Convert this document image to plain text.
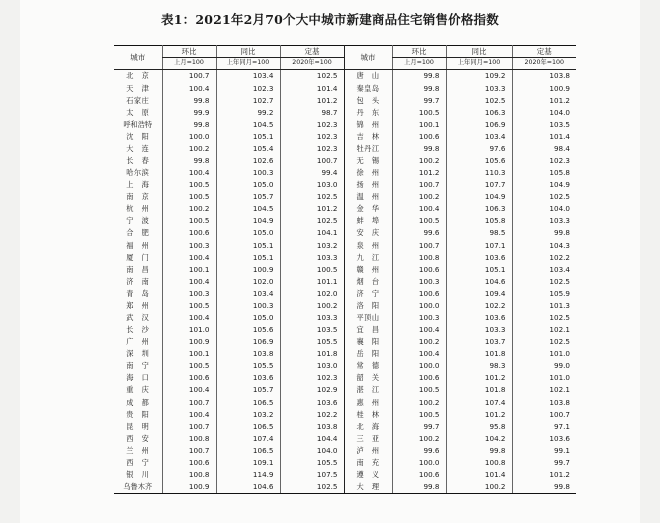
表1：2021年2月70个大中城市新建商品住宅销售价格指数
城市	环比	同比	定基	城市	环比	同比	定基
	上月=100	上年同月=100	2020年=100		上月=100	上年同月=100	2020年=100
北　京	100.7	103.4	102.5	唐　山	99.8	109.2	103.8
天　津	100.4	102.3	101.4	秦皇岛	99.8	103.3	100.9
石家庄	99.8	102.7	101.2	包　头	99.7	102.5	101.2
太　原	99.9	99.2	98.7	丹　东	100.5	106.3	104.0
呼和浩特	99.8	104.5	102.3	锦　州	100.1	106.9	103.5
沈　阳	100.0	105.1	102.3	吉　林	100.6	103.4	101.4
大　连	100.2	105.4	102.3	牡丹江	99.8	97.6	98.4
长　春	99.8	102.6	100.7	无　锡	100.2	105.6	102.3
哈尔滨	100.4	100.3	99.4	徐　州	101.2	110.3	105.8
上　海	100.5	105.0	103.0	扬　州	100.7	107.7	104.9
南　京	100.5	105.7	102.5	温　州	100.2	104.9	102.5
杭　州	100.2	104.5	101.2	金　华	100.4	106.3	104.0
宁　波	100.5	104.9	102.5	蚌　埠	100.5	105.8	103.3
合　肥	100.6	105.0	104.1	安　庆	99.6	98.5	99.8
福　州	100.3	105.1	103.2	泉　州	100.7	107.1	104.3
厦　门	100.4	105.1	103.3	九　江	100.8	103.6	102.2
南　昌	100.1	100.9	100.5	赣　州	100.6	105.1	103.4
济　南	100.4	102.0	101.1	烟　台	100.3	104.6	102.5
青　岛	100.3	103.4	102.0	济　宁	100.6	109.4	105.9
郑　州	100.5	100.3	100.2	洛　阳	100.0	102.2	101.3
武　汉	100.4	105.0	103.3	平顶山	100.3	103.6	102.5
长　沙	101.0	105.6	103.5	宜　昌	100.4	103.3	102.1
广　州	100.9	106.9	105.5	襄　阳	100.2	103.7	102.5
深　圳	100.1	103.8	101.8	岳　阳	100.4	101.8	101.0
南　宁	100.5	105.5	103.0	常　德	100.0	98.3	99.0
海　口	100.6	103.6	102.3	韶　关	100.6	101.2	101.0
重　庆	100.4	105.7	102.9	湛　江	100.5	101.8	102.1
成　都	100.7	106.5	103.6	惠　州	100.2	107.4	103.8
贵　阳	100.4	103.2	102.2	桂　林	100.5	101.2	100.7
昆　明	100.7	106.5	103.8	北　海	99.7	95.8	97.1
西　安	100.8	107.4	104.4	三　亚	100.2	104.2	103.6
兰　州	100.7	106.5	104.0	泸　州	99.6	99.8	99.1
西　宁	100.6	109.1	105.5	南　充	100.0	100.8	99.7
银　川	100.8	114.9	107.5	遵　义	100.6	101.4	101.2
乌鲁木齐	100.9	104.6	102.5	大　理	99.8	100.2	99.8
